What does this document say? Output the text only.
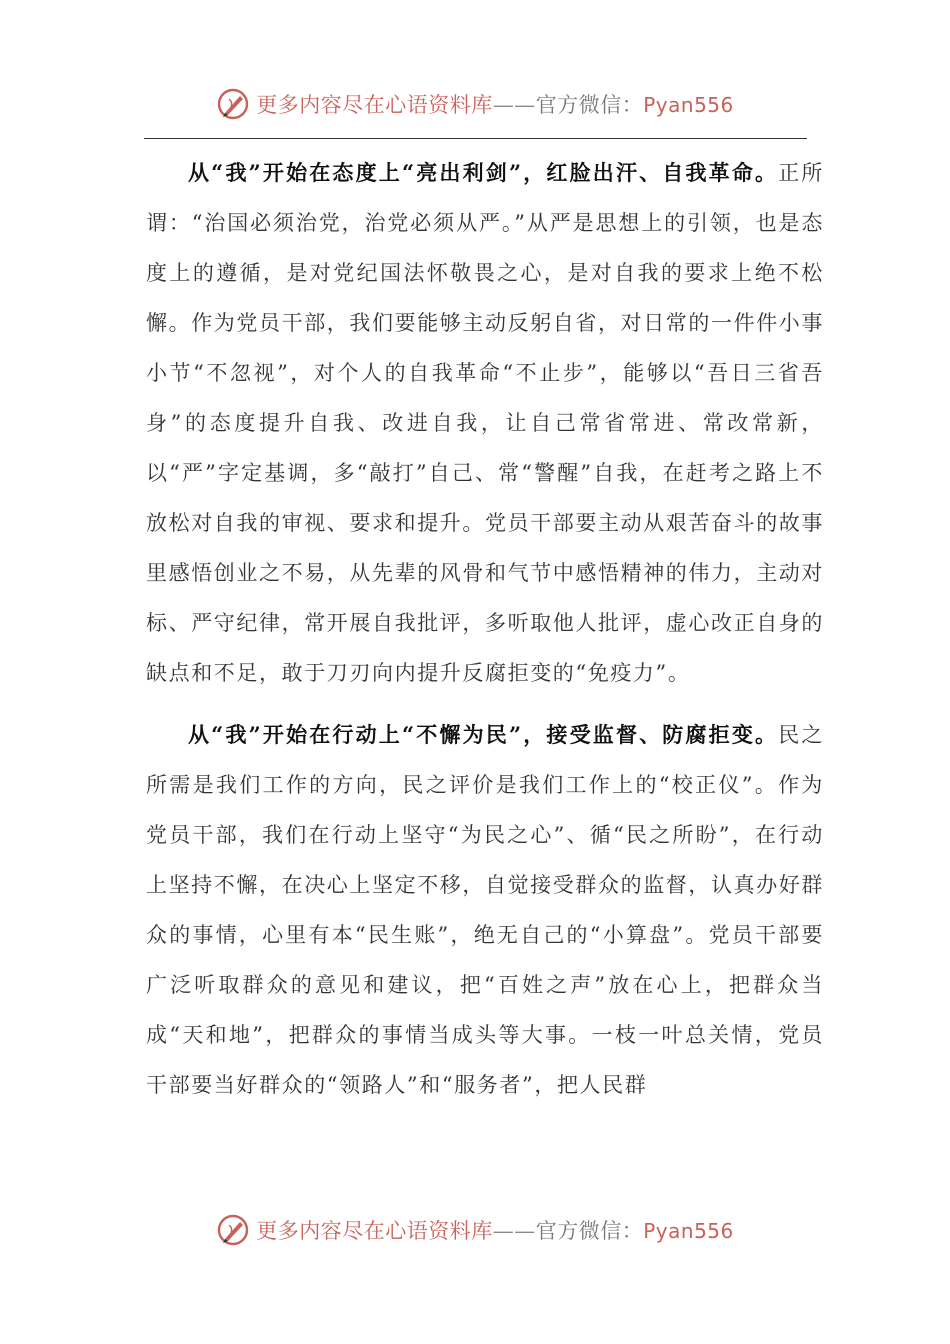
更多内容尽在心语资料库——官方微信：Pyan556

从“我”开始在态度上“亮出利剑”，红脸出汗、自我革命。正所谓：“治国必须治党，治党必须从严。”从严是思想上的引领，也是态度上的遵循，是对党纪国法怀敬畏之心，是对自我的要求上绝不松懈。作为党员干部，我们要能够主动反躬自省，对日常的一件件小事小节“不忽视”，对个人的自我革命“不止步”，能够以“吾日三省吾身”的态度提升自我、改进自我，让自己常省常进、常改常新，以“严”字定基调，多“敲打”自己、常“警醒”自我，在赶考之路上不放松对自我的审视、要求和提升。党员干部要主动从艰苦奋斗的故事里感悟创业之不易，从先辈的风骨和气节中感悟精神的伟力，主动对标、严守纪律，常开展自我批评，多听取他人批评，虚心改正自身的缺点和不足，敢于刀刃向内提升反腐拒变的“免疫力”。

从“我”开始在行动上“不懈为民”，接受监督、防腐拒变。民之所需是我们工作的方向，民之评价是我们工作上的“校正仪”。作为党员干部，我们在行动上坚守“为民之心”、循“民之所盼”，在行动上坚持不懈，在决心上坚定不移，自觉接受群众的监督，认真办好群众的事情，心里有本“民生账”，绝无自己的“小算盘”。党员干部要广泛听取群众的意见和建议，把“百姓之声”放在心上，把群众当成“天和地”，把群众的事情当成头等大事。一枝一叶总关情，党员干部要当好群众的“领路人”和“服务者”，把人民群

更多内容尽在心语资料库——官方微信：Pyan556
